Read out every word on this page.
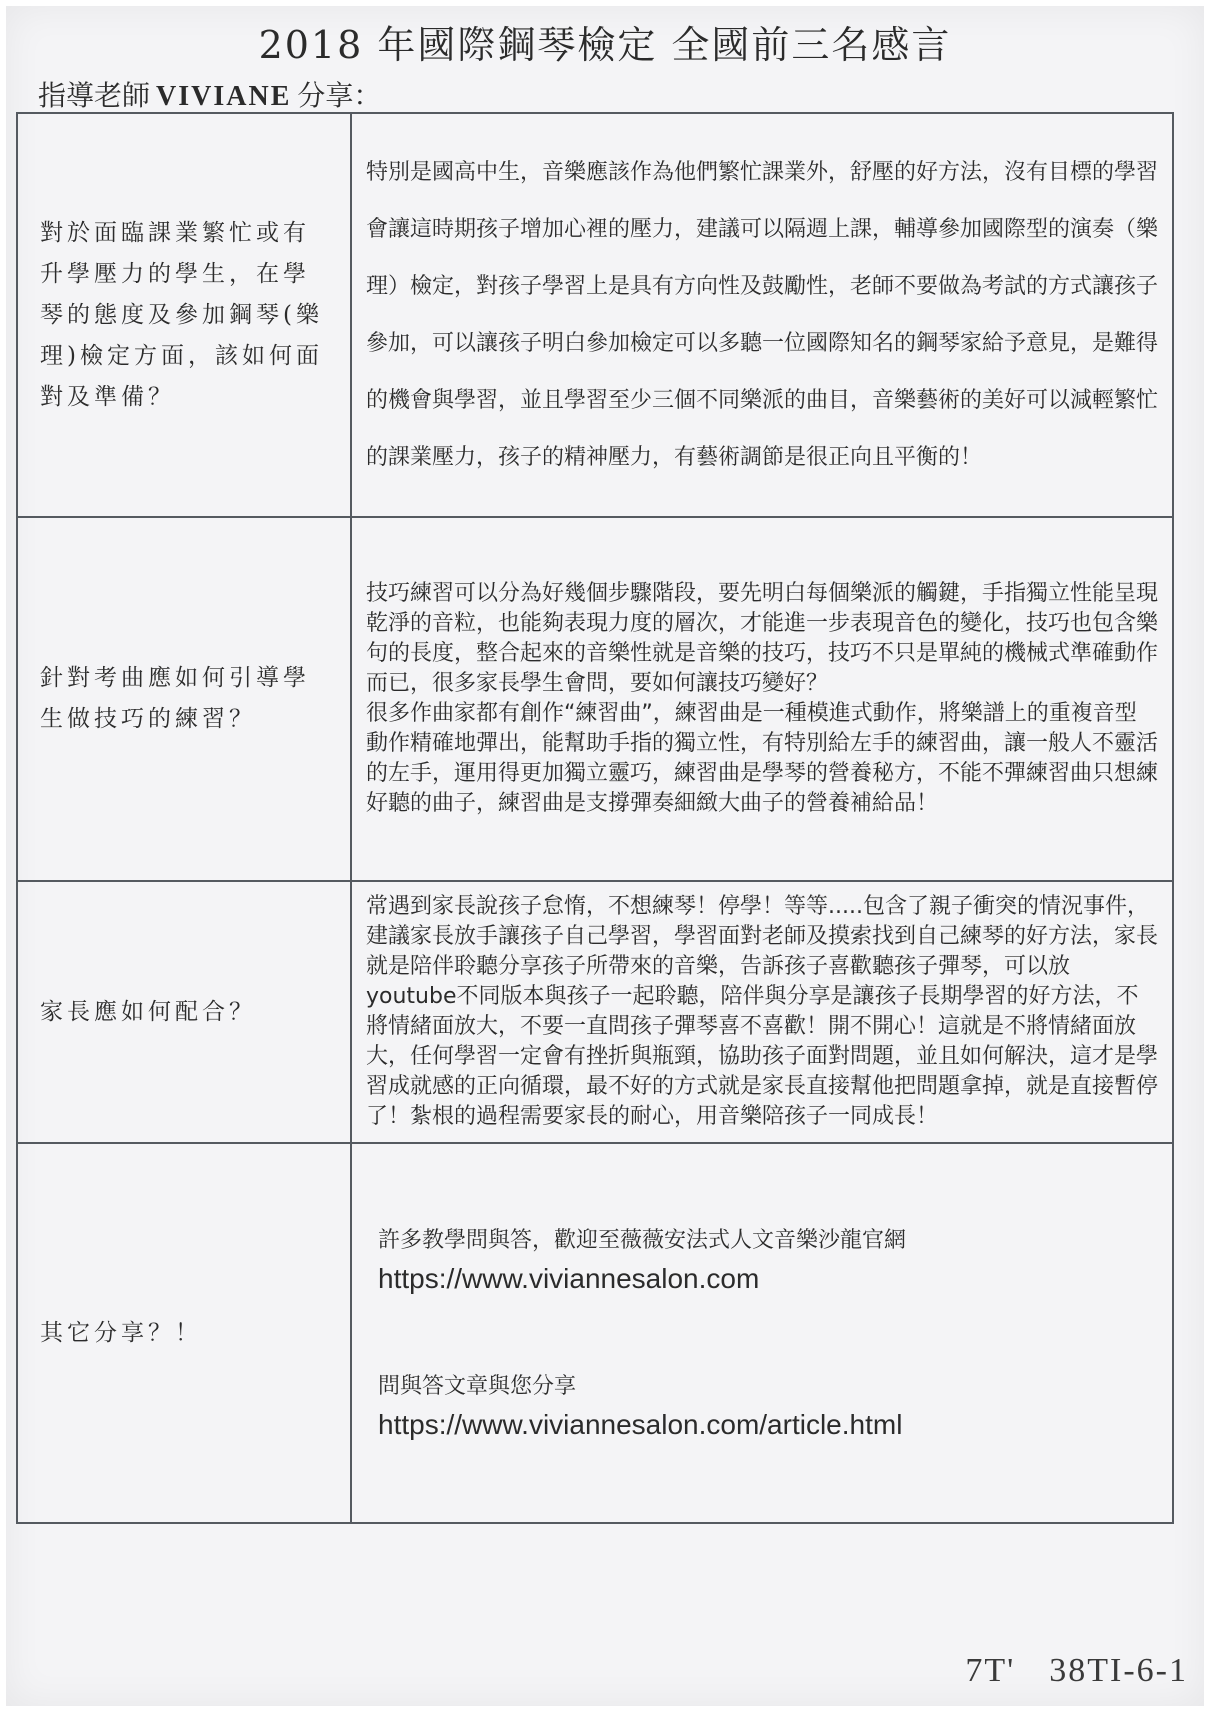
2018 年國際鋼琴檢定 全國前三名感言
指導老師 VIVIANE 分享：
對於面臨課業繁忙或有升學壓力的學生，在學琴的態度及參加鋼琴(樂理)檢定方面，該如何面對及準備？	特別是國高中生，音樂應該作為他們繁忙課業外，舒壓的好方法，沒有目標的學習會讓這時期孩子增加心裡的壓力，建議可以隔週上課，輔導參加國際型的演奏（樂理）檢定，對孩子學習上是具有方向性及鼓勵性，老師不要做為考試的方式讓孩子參加，可以讓孩子明白參加檢定可以多聽一位國際知名的鋼琴家給予意見，是難得的機會與學習，並且學習至少三個不同樂派的曲目，音樂藝術的美好可以減輕繁忙的課業壓力，孩子的精神壓力，有藝術調節是很正向且平衡的！

針對考曲應如何引導學生做技巧的練習？	技巧練習可以分為好幾個步驟階段，要先明白每個樂派的觸鍵，手指獨立性能呈現乾淨的音粒，也能夠表現力度的層次，才能進一步表現音色的變化，技巧也包含樂句的長度，整合起來的音樂性就是音樂的技巧，技巧不只是單純的機械式準確動作而已，很多家長學生會問，要如何讓技巧變好？
很多作曲家都有創作“練習曲”，練習曲是一種模進式動作，將樂譜上的重複音型動作精確地彈出，能幫助手指的獨立性，有特別給左手的練習曲，讓一般人不靈活的左手，運用得更加獨立靈巧，練習曲是學琴的營養秘方，不能不彈練習曲只想練好聽的曲子，練習曲是支撐彈奏細緻大曲子的營養補給品！

家長應如何配合？	常遇到家長說孩子怠惰，不想練琴！停學！等等.....包含了親子衝突的情況事件，建議家長放手讓孩子自己學習，學習面對老師及摸索找到自己練琴的好方法，家長就是陪伴聆聽分享孩子所帶來的音樂，告訴孩子喜歡聽孩子彈琴，可以放youtube不同版本與孩子一起聆聽，陪伴與分享是讓孩子長期學習的好方法，不將情緒面放大，不要一直問孩子彈琴喜不喜歡！開不開心！這就是不將情緒面放大，任何學習一定會有挫折與瓶頸，協助孩子面對問題，並且如何解決，這才是學習成就感的正向循環，最不好的方式就是家長直接幫他把問題拿掉，就是直接暫停了！紮根的過程需要家長的耐心，用音樂陪孩子一同成長！

其它分享？！	許多教學問與答，歡迎至薇薇安法式人文音樂沙龍官網
https://www.viviannesalon.com
問與答文章與您分享
https://www.viviannesalon.com/article.html
7T' 38TI-6-1
